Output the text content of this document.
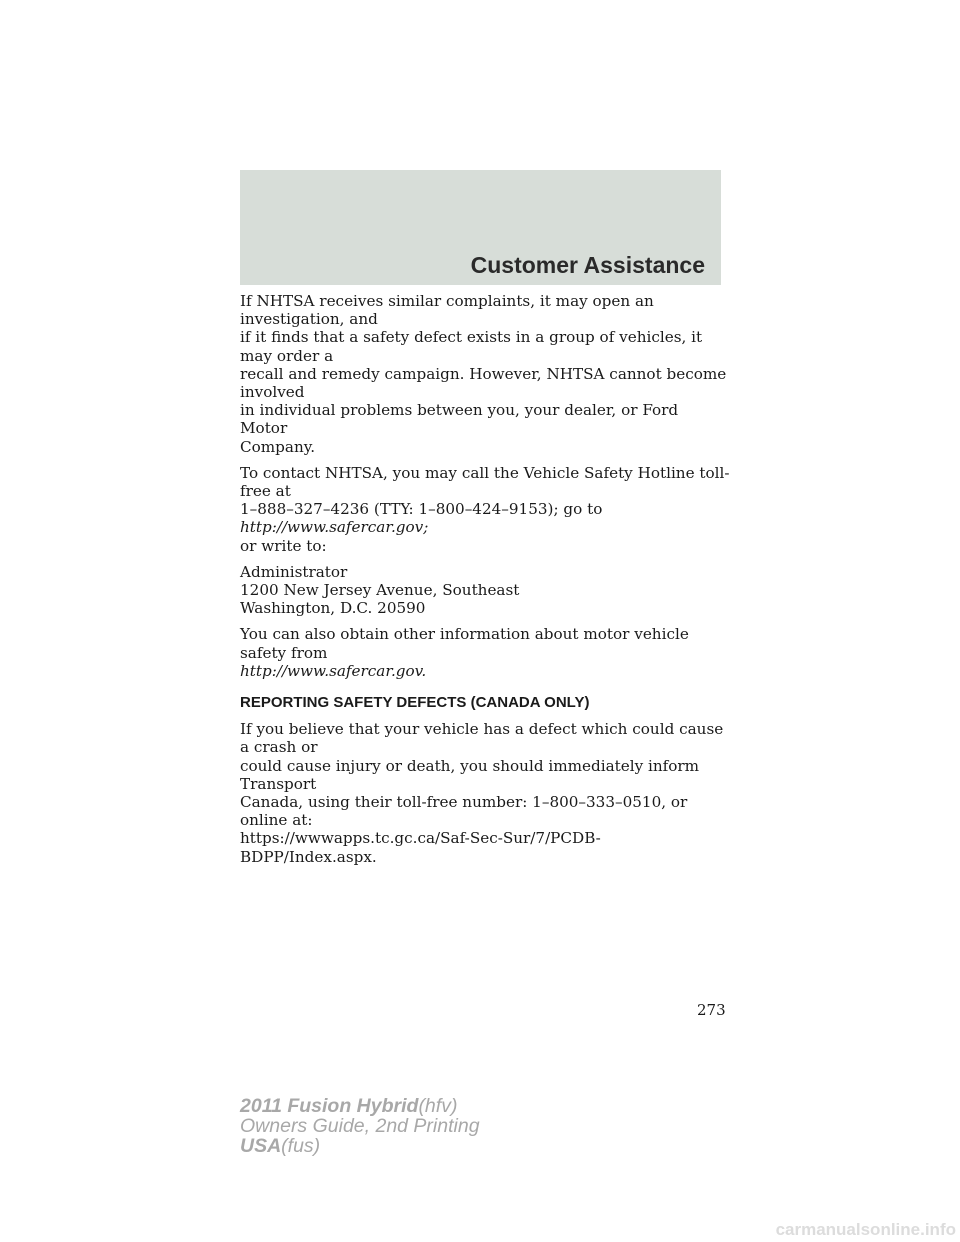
Customer Assistance

If NHTSA receives similar complaints, it may open an investigation, and
if it finds that a safety defect exists in a group of vehicles, it may order a
recall and remedy campaign. However, NHTSA cannot become involved
in individual problems between you, your dealer, or Ford Motor
Company.

To contact NHTSA, you may call the Vehicle Safety Hotline toll-free at
1–888–327–4236 (TTY: 1–800–424–9153); go to http://www.safercar.gov;
or write to:

Administrator
1200 New Jersey Avenue, Southeast
Washington, D.C. 20590

You can also obtain other information about motor vehicle safety from
http://www.safercar.gov.

REPORTING SAFETY DEFECTS (CANADA ONLY)

If you believe that your vehicle has a defect which could cause a crash or
could cause injury or death, you should immediately inform Transport
Canada, using their toll-free number: 1–800–333–0510, or online at:
https://wwwapps.tc.gc.ca/Saf-Sec-Sur/7/PCDB-BDPP/Index.aspx.

273
2011 Fusion Hybrid(hfv)
Owners Guide, 2nd Printing
USA(fus)
carmanualsonline.info
